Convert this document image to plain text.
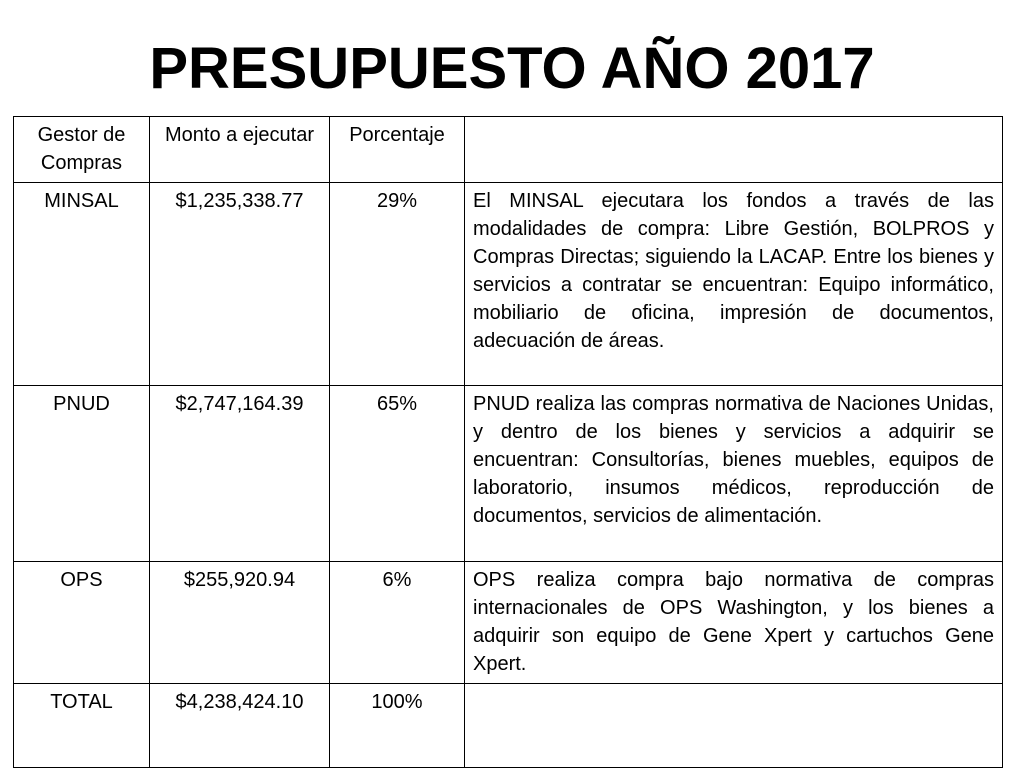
PRESUPUESTO AÑO 2017
Gestor de Compras	Monto a ejecutar	Porcentaje	
MINSAL	$1,235,338.77	29%	El MINSAL ejecutara los fondos a través de las modalidades de compra: Libre Gestión, BOLPROS y Compras Directas; siguiendo la LACAP. Entre los bienes y servicios a contratar se encuentran: Equipo informático, mobiliario de oficina, impresión de documentos, adecuación de áreas.
PNUD	$2,747,164.39	65%	PNUD realiza las compras normativa de Naciones Unidas, y dentro de los bienes y servicios a adquirir se encuentran: Consultorías, bienes muebles, equipos de laboratorio, insumos médicos, reproducción de documentos, servicios de alimentación.
OPS	$255,920.94	6%	OPS realiza compra bajo normativa de compras internacionales de OPS Washington, y los bienes a adquirir son equipo de Gene Xpert y cartuchos Gene Xpert.
TOTAL	$4,238,424.10	100%	
